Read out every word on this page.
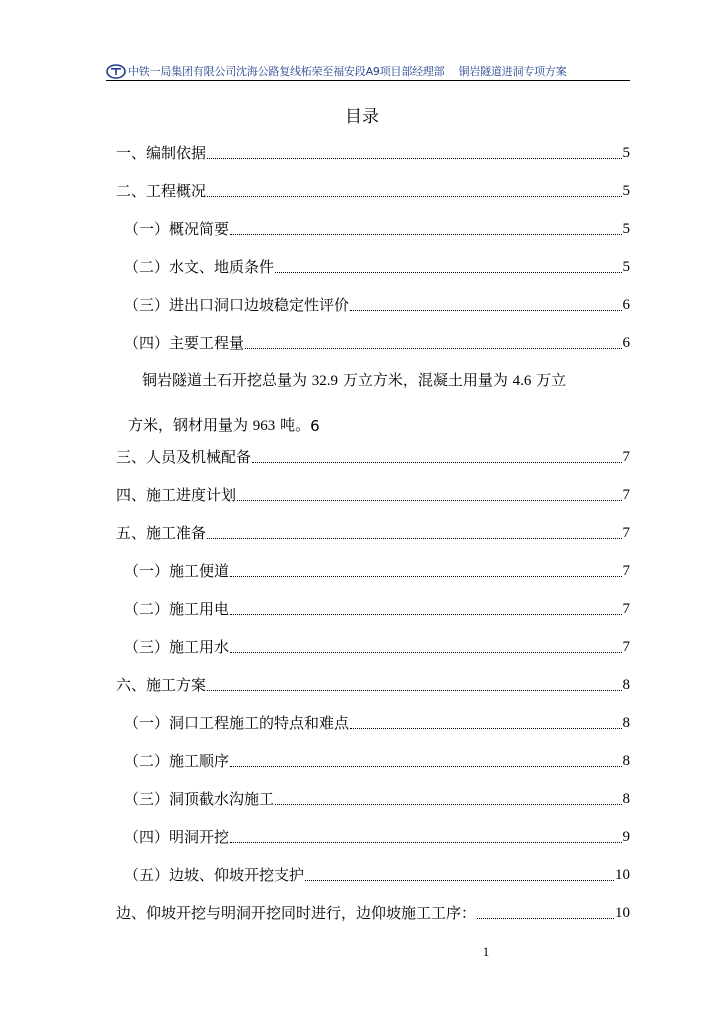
中铁一局集团有限公司沈海公路复线柘荣至福安段A9项目部经理部 铜岩隧道进洞专项方案
目录
一、编制依据	5
二、工程概况	5
（一）概况简要	5
（二）水文、地质条件	5
（三）进出口洞口边坡稳定性评价	6
（四）主要工程量	6
铜岩隧道土石开挖总量为 32.9 万立方米，混凝土用量为 4.6 万立
方米，钢材用量为 963 吨。 6
三、人员及机械配备	7
四、施工进度计划	7
五、施工准备	7
（一）施工便道	7
（二）施工用电	7
（三）施工用水	7
六、施工方案	8
（一）洞口工程施工的特点和难点	8
（二）施工顺序	8
（三）洞顶截水沟施工	8
（四）明洞开挖	9
（五）边坡、仰坡开挖支护	10
边、仰坡开挖与明洞开挖同时进行，边仰坡施工工序：	10
1
